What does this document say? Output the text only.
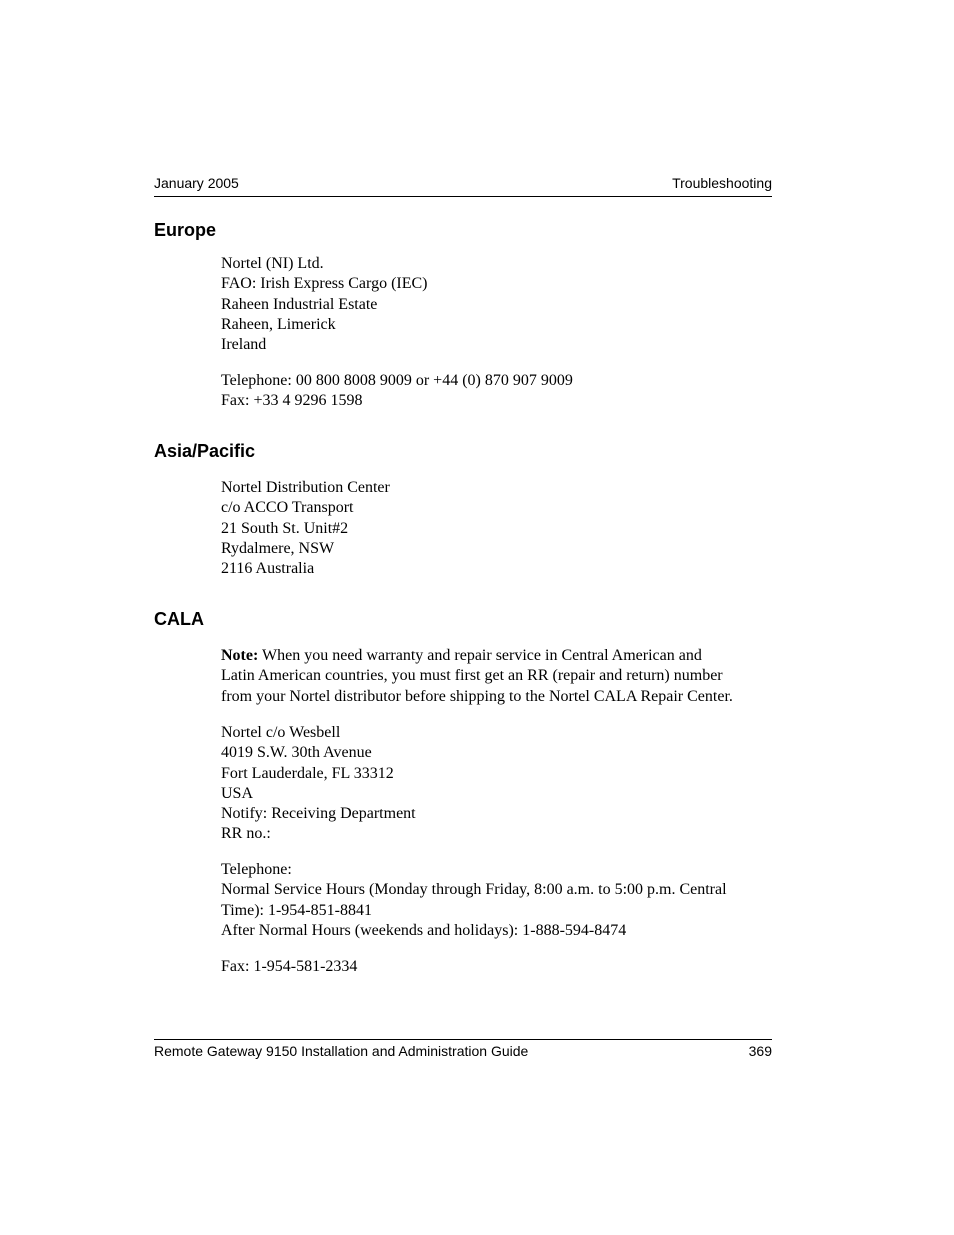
January 2005	Troubleshooting
Europe
Nortel (NI) Ltd.
FAO: Irish Express Cargo (IEC)
Raheen Industrial Estate
Raheen, Limerick
Ireland
Telephone: 00 800 8008 9009 or +44 (0) 870 907 9009
Fax: +33 4 9296 1598
Asia/Pacific
Nortel Distribution Center
c/o ACCO Transport
21 South St. Unit#2
Rydalmere, NSW
2116 Australia
CALA
Note: When you need warranty and repair service in Central American and
Latin American countries, you must first get an RR (repair and return) number
from your Nortel distributor before shipping to the Nortel CALA Repair Center.
Nortel c/o Wesbell
4019 S.W. 30th Avenue
Fort Lauderdale, FL 33312
USA
Notify: Receiving Department
RR no.:
Telephone:
Normal Service Hours (Monday through Friday, 8:00 a.m. to 5:00 p.m. Central
Time): 1-954-851-8841
After Normal Hours (weekends and holidays): 1-888-594-8474
Fax: 1-954-581-2334
Remote Gateway 9150 Installation and Administration Guide	369
